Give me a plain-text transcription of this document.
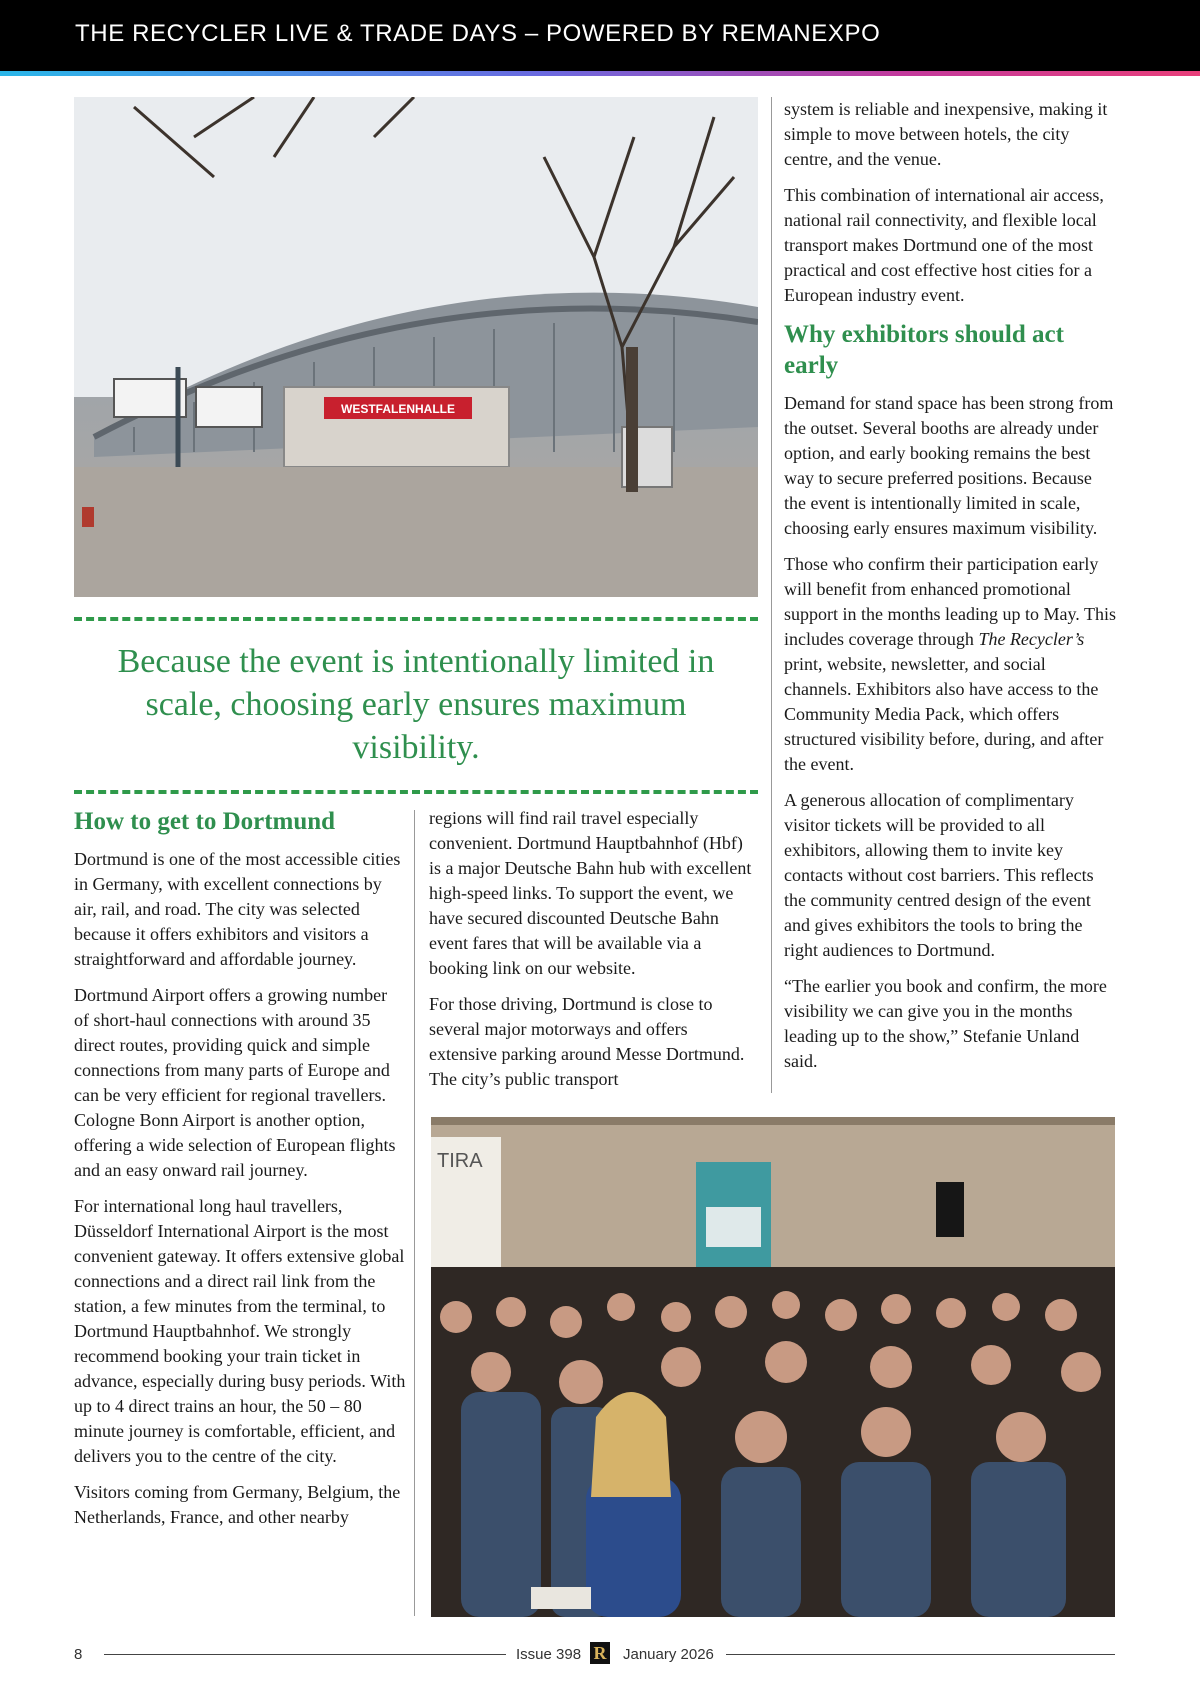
THE RECYCLER LIVE & TRADE DAYS – POWERED BY REMANEXPO
WESTFALENHALLE
Because the event is intentionally limited in scale, choosing early ensures maximum visibility.
How to get to Dortmund

Dortmund is one of the most accessible cities in Germany, with excellent connections by air, rail, and road. The city was selected because it offers exhibitors and visitors a straightforward and affordable journey.

Dortmund Airport offers a growing number of short-haul connections with around 35 direct routes, providing quick and simple connections from many parts of Europe and can be very efficient for regional travellers. Cologne Bonn Airport is another option, offering a wide selection of European flights and an easy onward rail journey.

For international long haul travellers, Düsseldorf International Airport is the most convenient gateway. It offers extensive global connections and a direct rail link from the station, a few minutes from the terminal, to Dortmund Hauptbahnhof. We strongly recommend booking your train ticket in advance, especially during busy periods. With up to 4 direct trains an hour, the 50 – 80 minute journey is comfortable, efficient, and delivers you to the centre of the city.

Visitors coming from Germany, Belgium, the Netherlands, France, and other nearby

regions will find rail travel especially convenient. Dortmund Hauptbahnhof (Hbf) is a major Deutsche Bahn hub with excellent high-speed links. To support the event, we have secured discounted Deutsche Bahn event fares that will be available via a booking link on our website.

For those driving, Dortmund is close to several major motorways and offers extensive parking around Messe Dortmund. The city’s public transport

system is reliable and inexpensive, making it simple to move between hotels, the city centre, and the venue.

This combination of international air access, national rail connectivity, and flexible local transport makes Dortmund one of the most practical and cost effective host cities for a European industry event.

Why exhibitors should act early

Demand for stand space has been strong from the outset. Several booths are already under option, and early booking remains the best way to secure preferred positions. Because the event is intentionally limited in scale, choosing early ensures maximum visibility.

Those who confirm their participation early will benefit from enhanced promotional support in the months leading up to May. This includes coverage through The Recycler’s print, website, newsletter, and social channels. Exhibitors also have access to the Community Media Pack, which offers structured visibility before, during, and after the event.

A generous allocation of complimentary visitor tickets will be provided to all exhibitors, allowing them to invite key contacts without cost barriers. This reflects the community centred design of the event and gives exhibitors the tools to bring the right audiences to Dortmund.

“The earlier you book and confirm, the more visibility we can give you in the months leading up to the show,” Stefanie Unland said.

TIRA
8	Issue 398 R January 2026
